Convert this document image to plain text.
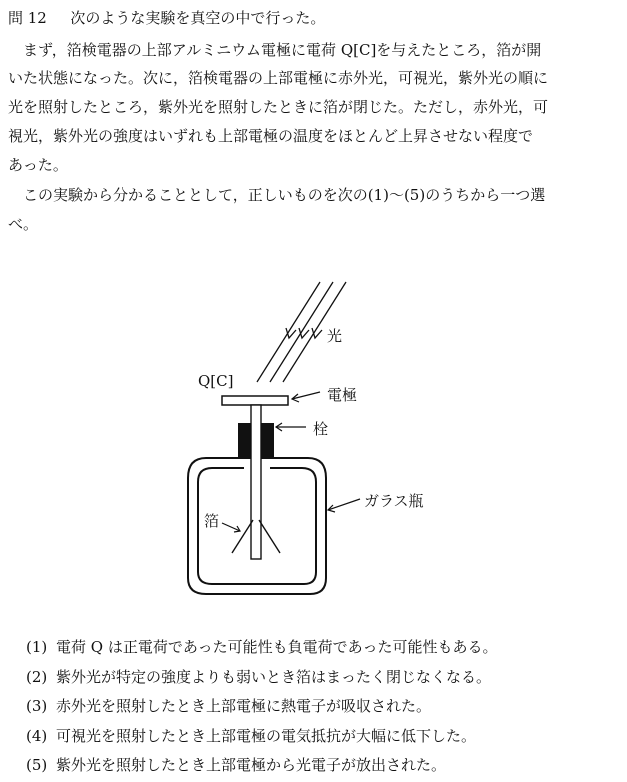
問 12 次のような実験を真空の中で行った。
　まず，箔検電器の上部アルミニウム電極に電荷 Q[C]を与えたところ，箔が開
いた状態になった。次に，箔検電器の上部電極に赤外光，可視光，紫外光の順に
光を照射したところ，紫外光を照射したときに箔が閉じた。ただし，赤外光，可
視光，紫外光の強度はいずれも上部電極の温度をほとんど上昇させない程度で
あった。
　この実験から分かることとして，正しいものを次の(1)～(5)のうちから一つ選
べ。
光
Q[C]
電極
栓
ガラス瓶
箔
(1) 電荷 Q は正電荷であった可能性も負電荷であった可能性もある。
(2) 紫外光が特定の強度よりも弱いとき箔はまったく閉じなくなる。
(3) 赤外光を照射したとき上部電極に熱電子が吸収された。
(4) 可視光を照射したとき上部電極の電気抵抗が大幅に低下した。
(5) 紫外光を照射したとき上部電極から光電子が放出された。
